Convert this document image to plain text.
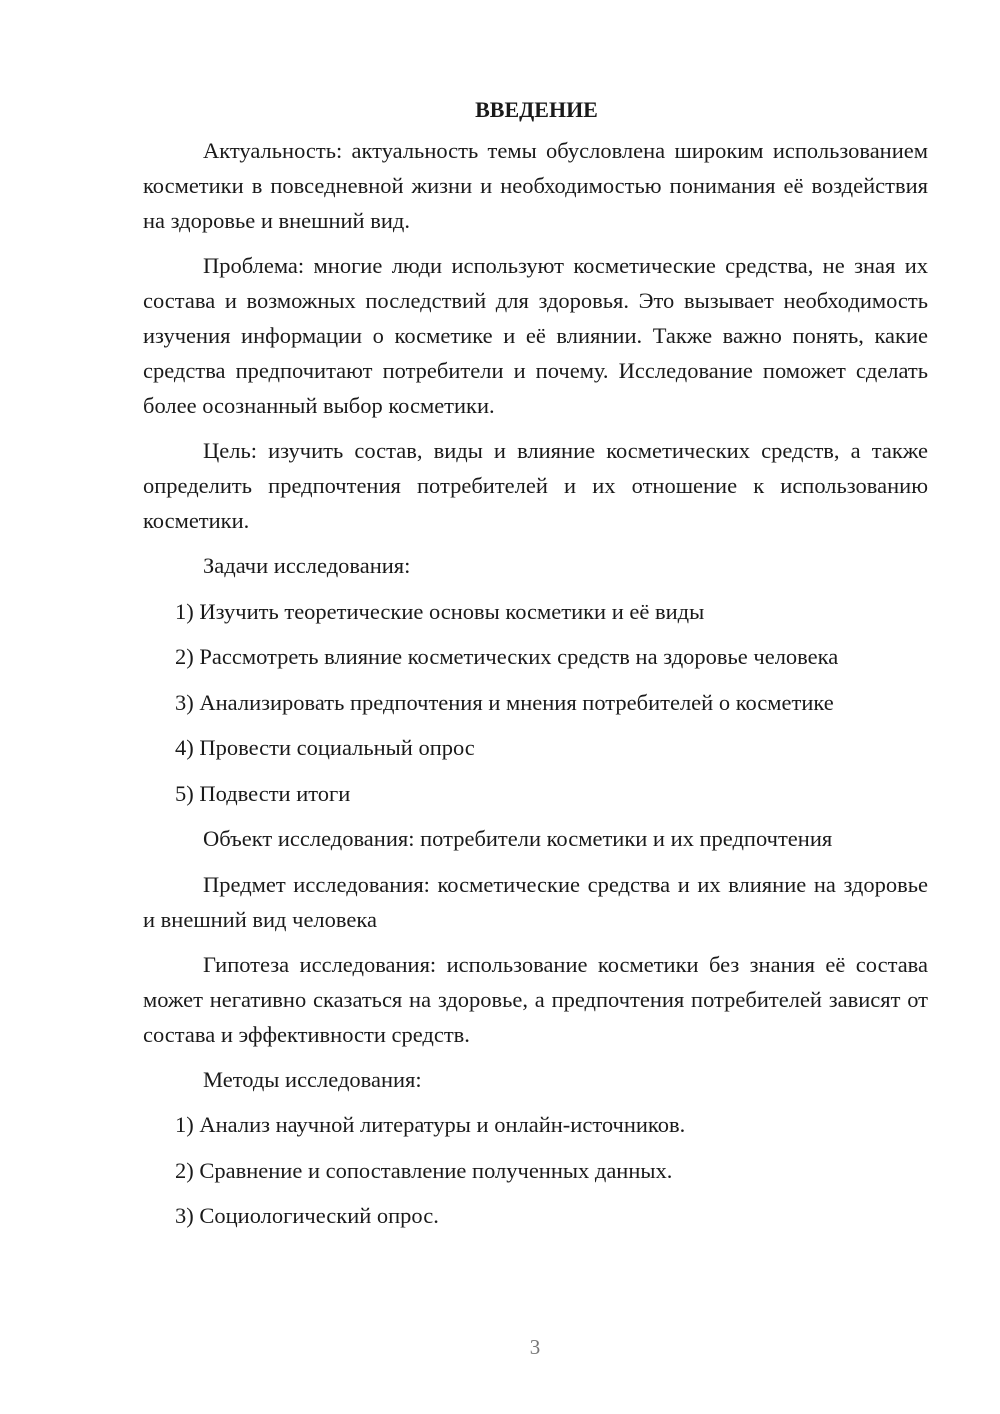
ВВЕДЕНИЕ

Актуальность: актуальность темы обусловлена широким использованием косметики в повседневной жизни и необходимостью понимания её воздействия на здоровье и внешний вид.

Проблема: многие люди используют косметические средства, не зная их состава и возможных последствий для здоровья. Это вызывает необходимость изучения информации о косметике и её влиянии. Также важно понять, какие средства предпочитают потребители и почему. Исследование поможет сделать более осознанный выбор косметики.

Цель: изучить состав, виды и влияние косметических средств, а также определить предпочтения потребителей и их отношение к использованию косметики.

Задачи исследования:
1) Изучить теоретические основы косметики и её виды
2) Рассмотреть влияние косметических средств на здоровье человека
3) Анализировать предпочтения и мнения потребителей о косметике
4) Провести социальный опрос
5) Подвести итоги
Объект исследования: потребители косметики и их предпочтения

Предмет исследования: косметические средства и их влияние на здоровье и внешний вид человека

Гипотеза исследования: использование косметики без знания её состава может негативно сказаться на здоровье, а предпочтения потребителей зависят от состава и эффективности средств.

Методы исследования:
1) Анализ научной литературы и онлайн-источников.
2) Сравнение и сопоставление полученных данных.
3) Социологический опрос.
3
